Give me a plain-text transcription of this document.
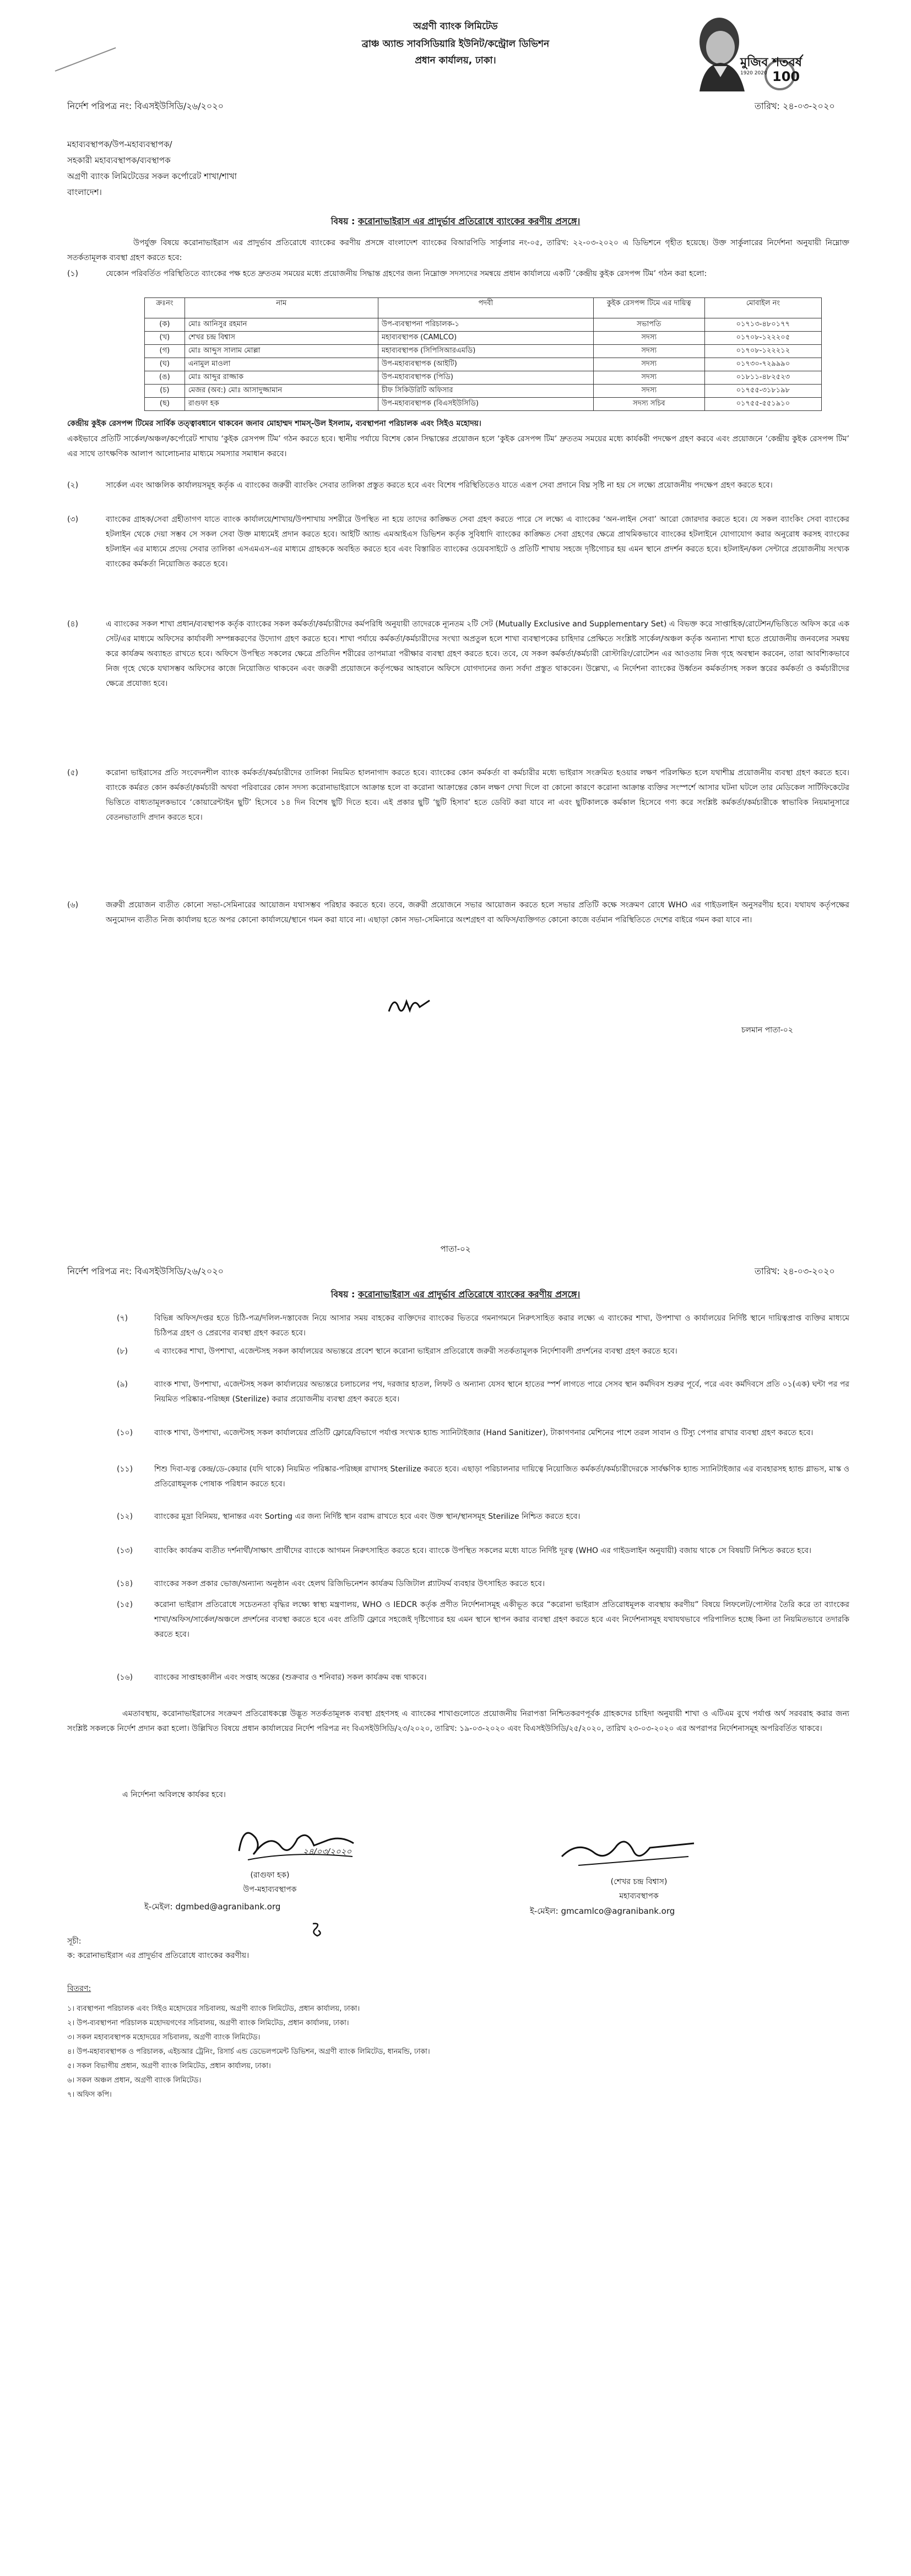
অগ্রণী ব্যাংক লিমিটেড
ব্রাঞ্চ অ্যান্ড সাবসিডিয়ারি ইউনিট/কন্ট্রোল ডিভিশন
প্রধান কার্যালয়, ঢাকা।	মুজিব শতবর্ষ
1920 2020 100
নির্দেশ পরিপত্র নং: বিএসইউসিডি/২৬/২০২০	তারিখ: ২৪-০৩-২০২০
মহাব্যবস্থাপক/উপ-মহাব্যবস্থাপক/
সহকারী মহাব্যবস্থাপক/ব্যবস্থাপক
অগ্রণী ব্যাংক লিমিটেডের সকল কর্পোরেট শাখা/শাখা
বাংলাদেশ।
বিষয় : করোনাভাইরাস এর প্রাদুর্ভাব প্রতিরোধে ব্যাংকের করণীয় প্রসঙ্গে।
উপর্যুক্ত বিষয়ে করোনাভাইরাস এর প্রাদুর্ভাব প্রতিরোধে ব্যাংকের করণীয় প্রসঙ্গে বাংলাদেশ ব্যাংকের বিআরপিডি সার্কুলার নং-০৫, তারিখ: ২২-০৩-২০২০ এ ডিভিশনে গৃহীত হয়েছে। উক্ত সার্কুলারের নির্দেশনা অনুযায়ী নিম্নোক্ত সতর্কতামূলক ব্যবস্থা গ্রহণ করতে হবে:
(১)	যেকোন পরিবর্তিত পরিস্থিতিতে ব্যাংকের পক্ষ হতে দ্রুততম সময়ের মধ্যে প্রয়োজনীয় সিদ্ধান্ত গ্রহণের জন্য নিম্নোক্ত সদস্যদের সমন্বয়ে প্রধান কার্যালয়ে একটি ‘কেন্দ্রীয় কুইক রেসপন্স টিম’ গঠন করা হলো:
ক্রঃনং	নাম	পদবী	কুইক রেসপন্স টিমে এর দায়িত্ব	মোবাইল নং
(ক)	মোঃ আনিসুর রহমান	উপ-ব্যবস্থাপনা পরিচালক-১	সভাপতি	০১৭১৩-৪৮০১৭৭
(খ)	শেখর চন্দ্র বিশ্বাস	মহাব্যবস্থাপক (CAMLCO)	সদস্য	০১৭০৮-১২২২০৫
(গ)	মোঃ আব্দুস সালাম মোল্লা	মহাব্যবস্থাপক (সিপিসিআরএমডি)	সদস্য	০১৭০৮-১২২২১২
(ঘ)	এনামুল মাওলা	উপ-মহাব্যবস্থাপক (আইটি)	সদস্য	০১৭৩০-৭২৯৯৯০
(ঙ)	মোঃ আব্দুর রাজ্জাক	উপ-মহাব্যবস্থাপক (পিডি)	সদস্য	০১৮১১-৪৮২৫২৩
(চ)	মেজর (অব:) মোঃ আসাদুজ্জামান	চীফ সিকিউরিটি অফিসার	সদস্য	০১৭৫৫-৩১৮১৯৮
(ছ)	রাগুফা হক	উপ-মহাব্যবস্থাপক (বিএসইউসিডি)	সদস্য সচিব	০১৭৫৫-৫৫১৯১০
কেন্দ্রীয় কুইক রেসপন্স টিমের সার্বিক তত্ত্বাবধানে থাকবেন জনাব মোহাম্মদ শামস্-উল ইসলাম, ব্যবস্থাপনা পরিচালক এবং সিইও মহোদয়।
একইভাবে প্রতিটি সার্কেল/অঞ্চল/কর্পোরেট শাখায় ‘কুইক রেসপন্স টিম’ গঠন করতে হবে। স্থানীয় পর্যায়ে বিশেষ কোন সিদ্ধান্তের প্রয়োজন হলে ‘কুইক রেসপন্স টিম’ দ্রুততম সময়ের মধ্যে কার্যকরী পদক্ষেপ গ্রহণ করবে এবং প্রয়োজনে ‘কেন্দ্রীয় কুইক রেসপন্স টিম’ এর সাথে তাৎক্ষণিক আলাপ আলোচনার মাধ্যমে সমস্যার সমাধান করবে।
(২)	সার্কেল এবং আঞ্চলিক কার্যালয়সমূহ কর্তৃক এ ব্যাংকের জরুরী ব্যাংকিং সেবার তালিকা প্রস্তুত করতে হবে এবং বিশেষ পরিস্থিতিতেও যাতে এরূপ সেবা প্রদানে বিঘ্ন সৃষ্টি না হয় সে লক্ষ্যে প্রয়োজনীয় পদক্ষেপ গ্রহণ করতে হবে।
(৩)	ব্যাংকের গ্রাহক/সেবা গ্রহীতাগণ যাতে ব্যাংক কার্যালয়ে/শাখায়/উপশাখায় সশরীরে উপস্থিত না হয়ে তাদের কাঙ্ক্ষিত সেবা গ্রহণ করতে পারে সে লক্ষ্যে এ ব্যাংকের ‘অন-লাইন সেবা’ আরো জোরদার করতে হবে। যে সকল ব্যাংকিং সেবা ব্যাংকের হটলাইন থেকে দেয়া সম্ভব সে সকল সেবা উক্ত মাধ্যমেই প্রদান করতে হবে। আইটি অ্যান্ড এমআইএস ডিভিশন কর্তৃক সুবিধাদি ব্যাংকের কাঙ্ক্ষিত সেবা গ্রহণের ক্ষেত্রে প্রাথমিকভাবে ব্যাংকের হটলাইনে যোগাযোগ করার অনুরোধ করসহ ব্যাংকের হটলাইন এর মাধ্যমে প্রদেয় সেবার তালিকা এসএমএস-এর মাধ্যমে গ্রাহককে অবহিত করতে হবে এবং বিস্তারিত ব্যাংকের ওয়েবসাইটে ও প্রতিটি শাখায় সহজে দৃষ্টিগোচর হয় এমন স্থানে প্রদর্শন করতে হবে। হটলাইন/কল সেন্টারে প্রয়োজনীয় সংখ্যক ব্যাংকের কর্মকর্তা নিয়োজিত করতে হবে।
(৪)	এ ব্যাংকের সকল শাখা প্রধান/ব্যবস্থাপক কর্তৃক ব্যাংকের সকল কর্মকর্তা/কর্মচারীদের কর্মপরিধি অনুযায়ী তাদেরকে ন্যূনতম ২টি সেট (Mutually Exclusive and Supplementary Set) এ বিভক্ত করে সাপ্তাহিক/রোটেশন/ভিত্তিতে অফিস করে এক সেট/এর মাধ্যমে অফিসের কার্যাবলী সম্পন্নকরণের উদ্যোগ গ্রহণ করতে হবে। শাখা পর্যায়ে কর্মকর্তা/কর্মচারীদের সংখ্যা অপ্রতুল হলে শাখা ব্যবস্থাপকের চাহিদার প্রেক্ষিতে সংশ্লিষ্ট সার্কেল/অঞ্চল কর্তৃক অন্যান্য শাখা হতে প্রয়োজনীয় জনবলের সমন্বয় করে কার্যক্রম অব্যাহত রাখতে হবে। অফিসে উপস্থিত সকলের ক্ষেত্রে প্রতিদিন শরীরের তাপমাত্রা পরীক্ষার ব্যবস্থা গ্রহণ করতে হবে। তবে, যে সকল কর্মকর্তা/কর্মচারী রোস্টারিং/রোটেশন এর আওতায় নিজ গৃহে অবস্থান করবেন, তারা আবশ্যিকভাবে নিজ গৃহে থেকে যথাসম্ভব অফিসের কাজে নিয়োজিত থাকবেন এবং জরুরী প্রয়োজনে কর্তৃপক্ষের আহবানে অফিসে যোগদানের জন্য সর্বদা প্রস্তুত থাকবেন। উল্লেখ্য, এ নির্দেশনা ব্যাংকের উর্ধ্বতন কর্মকর্তাসহ সকল স্তরের কর্মকর্তা ও কর্মচারীদের ক্ষেত্রে প্রযোজ্য হবে।
(৫)	করোনা ভাইরাসের প্রতি সংবেদনশীল ব্যাংক কর্মকর্তা/কর্মচারীদের তালিকা নিয়মিত হালনাগাদ করতে হবে। ব্যাংকের কোন কর্মকর্তা বা কর্মচারীর মধ্যে ভাইরাস সংক্রমিত হওয়ার লক্ষণ পরিলক্ষিত হলে যথাশীঘ্র প্রয়োজনীয় ব্যবস্থা গ্রহণ করতে হবে। ব্যাংকে কর্মরত কোন কর্মকর্তা/কর্মচারী অথবা পরিবারের কোন সদস্য করোনাভাইরাসে আক্রান্ত হলে বা করোনা আক্রান্তের কোন লক্ষণ দেখা দিলে বা কোনো কারণে করোনা আক্রান্ত ব্যক্তির সংস্পর্শে আসার ঘটনা ঘটলে তার মেডিকেল সার্টিফিকেটের ভিত্তিতে বাধ্যতামূলকভাবে ‘কোয়ারেন্টাইন ছুটি’ হিসেবে ১৪ দিন বিশেষ ছুটি দিতে হবে। এই প্রকার ছুটি ‘ছুটি হিসাব’ হতে ডেবিট করা যাবে না এবং ছুটিকালকে কর্মকাল হিসেবে গণ্য করে সংশ্লিষ্ট কর্মকর্তা/কর্মচারীকে স্বাভাবিক নিয়মানুসারে বেতনভাতাদি প্রদান করতে হবে।
(৬)	জরুরী প্রয়োজন ব্যতীত কোনো সভা-সেমিনারের আয়োজন যথাসম্ভব পরিহার করতে হবে। তবে, জরুরী প্রয়োজনে সভার আয়োজন করতে হলে সভার প্রতিটি কক্ষে সংক্রমণ রোধে WHO এর গাইডলাইন অনুসরণীয় হবে। যথাযথ কর্তৃপক্ষের অনুমোদন ব্যতীত নিজ কার্যালয় হতে অপর কোনো কার্যালয়ে/স্থানে গমন করা যাবে না। এছাড়া কোন সভা-সেমিনারে অংশগ্রহণ বা অফিস/ব্যক্তিগত কোনো কাজে বর্তমান পরিস্থিতিতে দেশের বাইরে গমন করা যাবে না।
চলমান পাতা-০২
পাতা-০২
নির্দেশ পরিপত্র নং: বিএসইউসিডি/২৬/২০২০	তারিখ: ২৪-০৩-২০২০
বিষয় : করোনাভাইরাস এর প্রাদুর্ভাব প্রতিরোধে ব্যাংকের করণীয় প্রসঙ্গে।
(৭)	বিভিন্ন অফিস/দপ্তর হতে চিঠি-পত্র/দলিল-দস্তাবেজ নিয়ে আসার সময় বাহকের ব্যক্তিদের ব্যাংকের ভিতরে গমনাগমনে নিরুৎসাহিত করার লক্ষ্যে এ ব্যাংকের শাখা, উপশাখা ও কার্যালয়ের নির্দিষ্ট স্থানে দায়িত্বপ্রাপ্ত ব্যক্তির মাধ্যমে চিঠিপত্র গ্রহণ ও প্রেরণের ব্যবস্থা গ্রহণ করতে হবে।
(৮)	এ ব্যাংকের শাখা, উপশাখা, এজেন্টসহ সকল কার্যালয়ের অভ্যন্তরে প্রবেশ স্থানে করোনা ভাইরাস প্রতিরোধে জরুরী সতর্কতামূলক নির্দেশাবলী প্রদর্শনের ব্যবস্থা গ্রহণ করতে হবে।
(৯)	ব্যাংক শাখা, উপশাখা, এজেন্টসহ সকল কার্যালয়ের অভ্যন্তরে চলাচলের পথ, দরজার হাতল, লিফট ও অন্যান্য যেসব স্থানে হাতের স্পর্শ লাগতে পারে সেসব স্থান কর্মদিবস শুরুর পূর্বে, পরে এবং কর্মদিবসে প্রতি ০১(এক) ঘন্টা পর পর নিয়মিত পরিষ্কার-পরিচ্ছন্ন (Sterilize) করার প্রয়োজনীয় ব্যবস্থা গ্রহণ করতে হবে।
(১০)	ব্যাংক শাখা, উপশাখা, এজেন্টসহ সকল কার্যালয়ের প্রতিটি ফ্লোরে/বিভাগে পর্যাপ্ত সংখ্যক হ্যান্ড স্যানিটাইজার (Hand Sanitizer), টাকাগণনার মেশিনের পাশে তরল সাবান ও টিস্যু পেপার রাখার ব্যবস্থা গ্রহণ করতে হবে।
(১১)	শিশু দিবা-যত্ন কেন্দ্র/ডে-কেয়ার (যদি থাকে) নিয়মিত পরিষ্কার-পরিচ্ছন্ন রাখাসহ Sterilize করতে হবে। এছাড়া পরিচালনার দায়িত্বে নিয়োজিত কর্মকর্তা/কর্মচারীদেরকে সার্বক্ষণিক হ্যান্ড স্যানিটাইজার এর ব্যবহারসহ হ্যান্ড গ্লাভস, মাস্ক ও প্রতিরোধমূলক পোষাক পরিধান করতে হবে।
(১২)	ব্যাংকের মুদ্রা বিনিময়, স্থানান্তর এবং Sorting এর জন্য নির্দিষ্ট স্থান বরাদ্দ রাখতে হবে এবং উক্ত স্থান/স্থানসমূহ Sterilize নিশ্চিত করতে হবে।
(১৩)	ব্যাংকিং কার্যক্রম ব্যতীত দর্শনার্থী/সাক্ষাৎ প্রার্থীদের ব্যাংকে আগমন নিরুৎসাহিত করতে হবে। ব্যাংকে উপস্থিত সকলের মধ্যে যাতে নির্দিষ্ট দূরত্ব (WHO এর গাইডলাইন অনুযায়ী) বজায় থাকে সে বিষয়টি নিশ্চিত করতে হবে।
(১৪)	ব্যাংকের সকল প্রকার ভোজ/অন্যান্য অনুষ্ঠান এবং হেলথ রিজিভিনেশন কার্যক্রম ডিজিটাল প্ল্যাটফর্ম ব্যবহার উৎসাহিত করতে হবে।
(১৫)	করোনা ভাইরাস প্রতিরোধে সচেতনতা বৃদ্ধির লক্ষ্যে স্বাস্থ্য মন্ত্রণালয়, WHO ও IEDCR কর্তৃক প্রণীত নির্দেশনাসমূহ একীভূত করে “করোনা ভাইরাস প্রতিরোধমূলক ব্যবস্থায় করণীয়” বিষয়ে লিফলেট/পোস্টার তৈরি করে তা ব্যাংকের শাখা/অফিস/সার্কেল/অঞ্চলে প্রদর্শনের ব্যবস্থা করতে হবে এবং প্রতিটি ফ্লোরে সহজেই দৃষ্টিগোচর হয় এমন স্থানে স্থাপন করার ব্যবস্থা গ্রহণ করতে হবে এবং নির্দেশনাসমূহ যথাযথভাবে পরিপালিত হচ্ছে কিনা তা নিয়মিতভাবে তদারকি করতে হবে।
(১৬)	ব্যাংকের সাপ্তাহকালীন এবং সপ্তাহ অন্তের (শুক্রবার ও শনিবার) সকল কার্যক্রম বন্ধ থাকবে।
এমতাবস্থায়, করোনাভাইরাসের সংক্রমণ প্রতিরোধকল্পে উদ্ভূত সতর্কতামূলক ব্যবস্থা গ্রহণসহ এ ব্যাংকের শাখাগুলোতে প্রয়োজনীয় নিরাপত্তা নিশ্চিতকরণপূর্বক গ্রাহকদের চাহিদা অনুযায়ী শাখা ও এটিএম বুথে পর্যাপ্ত অর্থ সরবরাহ করার জন্য সংশ্লিষ্ট সকলকে নির্দেশ প্রদান করা হলো। উল্লিখিত বিষয়ে প্রধান কার্যালয়ের নির্দেশ পরিপত্র নং বিএসইউসিডি/২৩/২০২০, তারিখ: ১৯-০৩-২০২০ এবং বিএসইউসিডি/২৫/২০২০, তারিখ ২৩-০৩-২০২০ এর অপরাপর নির্দেশনাসমূহ অপরিবর্তিত থাকবে।
এ নির্দেশনা অবিলম্বে কার্যকর হবে।
২৪/০৩/২০২০
(রাগুফা হক)
উপ-মহাব্যবস্থাপক
ই-মেইল: dgmbed@agranibank.org
(শেখর চন্দ্র বিশ্বাস)
মহাব্যবস্থাপক
ই-মেইল: gmcamlco@agranibank.org
সূচী:
ক: করোনাভাইরাস এর প্রাদুর্ভাব প্রতিরোধে ব্যাংকের করণীয়।
বিতরণ:
১। ব্যবস্থাপনা পরিচালক এবং সিইও মহোদয়ের সচিবালয়, অগ্রণী ব্যাংক লিমিটেড, প্রধান কার্যালয়, ঢাকা।
২। উপ-ব্যবস্থাপনা পরিচালক মহোদয়গণের সচিবালয়, অগ্রণী ব্যাংক লিমিটেড, প্রধান কার্যালয়, ঢাকা।
৩। সকল মহাব্যবস্থাপক মহোদয়ের সচিবালয়, অগ্রণী ব্যাংক লিমিটেড।
৪। উপ-মহাব্যবস্থাপক ও পরিচালক, এইচআর ট্রেনিং, রিসার্চ এন্ড ডেভেলপমেন্ট ডিভিশন, অগ্রণী ব্যাংক লিমিটেড, ধানমন্ডি, ঢাকা।
৫। সকল বিভাগীয় প্রধান, অগ্রণী ব্যাংক লিমিটেড, প্রধান কার্যালয়, ঢাকা।
৬। সকল অঞ্চল প্রধান, অগ্রণী ব্যাংক লিমিটেড।
৭। অফিস কপি।
